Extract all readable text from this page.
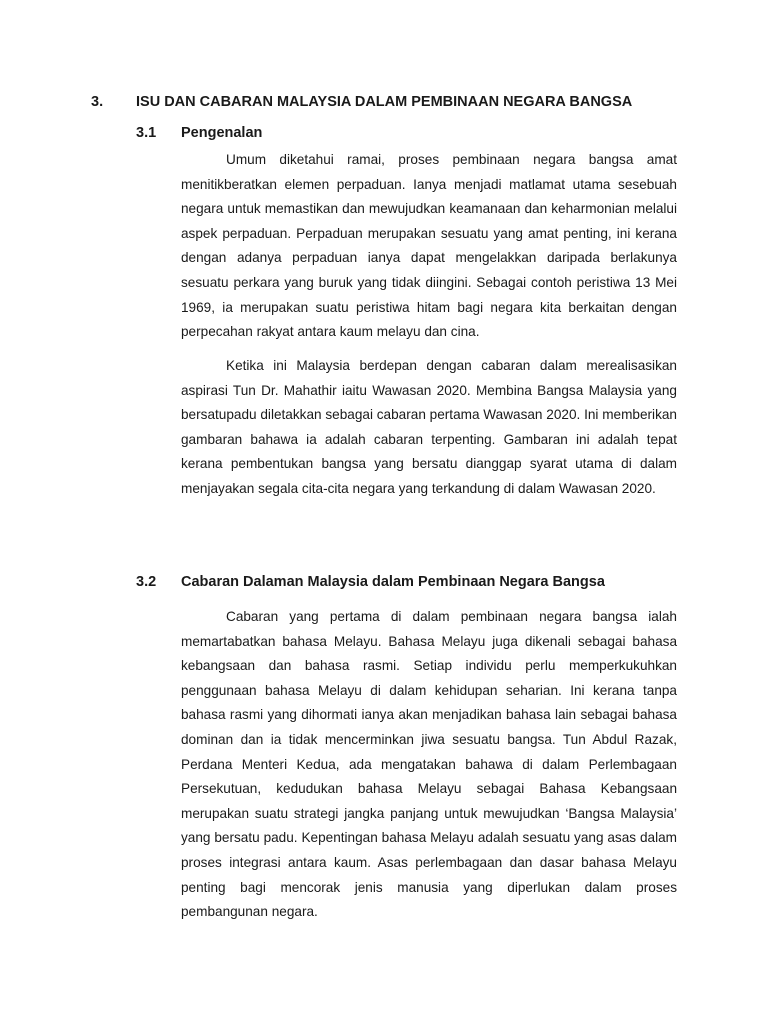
3. ISU DAN CABARAN MALAYSIA DALAM PEMBINAAN NEGARA BANGSA
3.1 Pengenalan

Umum diketahui ramai, proses pembinaan negara bangsa amat menitikberatkan elemen perpaduan. Ianya menjadi matlamat utama sesebuah negara untuk memastikan dan mewujudkan keamanaan dan keharmonian melalui aspek perpaduan. Perpaduan merupakan sesuatu yang amat penting, ini kerana dengan adanya perpaduan ianya dapat mengelakkan daripada berlakunya sesuatu perkara yang buruk yang tidak diingini. Sebagai contoh peristiwa 13 Mei 1969, ia merupakan suatu peristiwa hitam bagi negara kita berkaitan dengan perpecahan rakyat antara kaum melayu dan cina.

Ketika ini Malaysia berdepan dengan cabaran dalam merealisasikan aspirasi Tun Dr. Mahathir iaitu Wawasan 2020. Membina Bangsa Malaysia yang bersatupadu diletakkan sebagai cabaran pertama Wawasan 2020. Ini memberikan gambaran bahawa ia adalah cabaran terpenting. Gambaran ini adalah tepat kerana pembentukan bangsa yang bersatu dianggap syarat utama di dalam menjayakan segala cita-cita negara yang terkandung di dalam Wawasan 2020.

3.2 Cabaran Dalaman Malaysia dalam Pembinaan Negara Bangsa

Cabaran yang pertama di dalam pembinaan negara bangsa ialah memartabatkan bahasa Melayu. Bahasa Melayu juga dikenali sebagai bahasa kebangsaan dan bahasa rasmi. Setiap individu perlu memperkukuhkan penggunaan bahasa Melayu di dalam kehidupan seharian. Ini kerana tanpa bahasa rasmi yang dihormati ianya akan menjadikan bahasa lain sebagai bahasa dominan dan ia tidak mencerminkan jiwa sesuatu bangsa. Tun Abdul Razak, Perdana Menteri Kedua, ada mengatakan bahawa di dalam Perlembagaan Persekutuan, kedudukan bahasa Melayu sebagai Bahasa Kebangsaan merupakan suatu strategi jangka panjang untuk mewujudkan ‘Bangsa Malaysia’ yang bersatu padu. Kepentingan bahasa Melayu adalah sesuatu yang asas dalam proses integrasi antara kaum. Asas perlembagaan dan dasar bahasa Melayu penting bagi mencorak jenis manusia yang diperlukan dalam proses pembangunan negara.
